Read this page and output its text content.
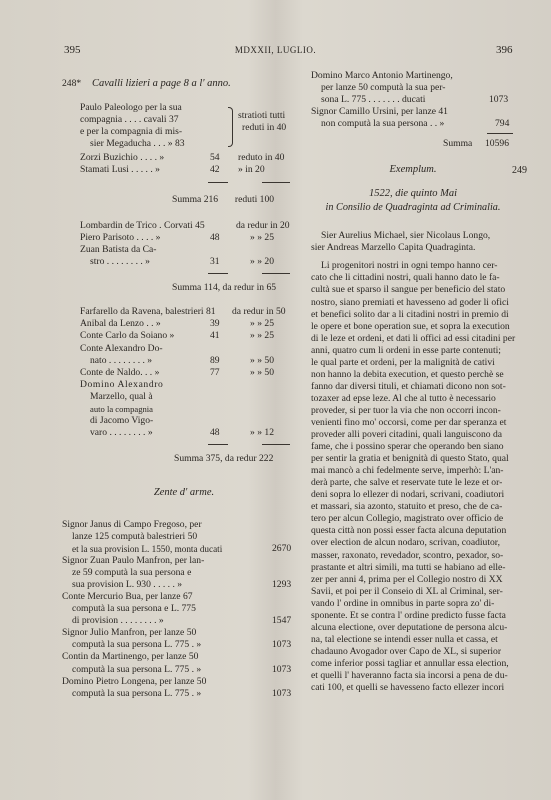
395	MDXXII, LUGLIO.	396
248* Cavalli lizieri a page 8 a l' anno.
Paulo Paleologo per la sua
compagnia . . . . cavali 37
e per la compagnia di mis-
sier Megaducha . . . » 83
stratioti tutti
reduti in 40
Zorzi Buzichio . . . . »	54 reduto in 40
Stamati Lusi . . . . . »	42 » in 20
Summa 216       reduti 100
Lombardin de Trico . Corvati 45	da redur in 20
Piero Parisoto . . . . »	48	» » 25
Zuan Batista da Ca-
stro . . . . . . . . »	31	» » 20
Summa 114, da redur in 65
Farfarello da Ravena, balestrieri 81 da redur in 50
Anibal da Lenzo . . »	39	» » 25
Conte Carlo da Soiano »	41	» » 25
Conte Alexandro Do-
nato . . . . . . . . »	89	» » 50
Conte de Naldo. . . »	77	» » 50
Domino Alexandro
Marzello, qual à
auto la compagnia
di Jacomo Vigo-
varo . . . . . . . . »	48	» » 12
Summa 375, da redur 222
Zente d' arme.
Signor Janus di Campo Fregoso, per
lanze 125 computà balestrieri 50
et la sua provision L. 1550, monta ducati	2670
Signor Zuan Paulo Manfron, per lan-
ze 59 computà la sua persona e
sua provision L. 930 . . . . . »	1293
Conte Mercurio Bua, per lanze 67
computà la sua persona e L. 775
di provision . . . . . . . . »	1547
Signor Julio Manfron, per lanze 50
computà la sua persona L. 775 . »	1073
Contin da Martinengo, per lanze 50
computà la sua persona L. 775 . »	1073
Domino Pietro Longena, per lanze 50
computà la sua persona L. 775 . »	1073
Domino Marco Antonio Martinengo,
per lanze 50 computà la sua per-
sona L. 775 . . . . . . . ducati	1073
Signor Camillo Ursini, per lanze 41
non computà la sua persona . . »	794
Summa 10596
Exemplum.
1522, die quinto Mai
in Consilio de Quadraginta ad Criminalia.
Sier Aurelius Michael, sier Nicolaus Longo,
sier Andreas Marzello Capita Quadraginta.
Li progenitori nostri in ogni tempo hanno cer-
cato che li cittadini nostri, quali hanno dato le fa-
cultà sue et sparso il sangue per beneficio del stato
nostro, siano premiati et havesseno ad goder li ofici
et benefici solito dar a li citadini nostri in premio di
le opere et bone operation sue, et sopra la execution
di le leze et ordeni, et dati li offici ad essi citadini per
anni, quatro cum li ordeni in esse parte contenuti;
le qual parte et ordeni, per la malignità de cativi
non hanno la debita execution, et questo perchè se
fanno dar diversi tituli, et chiamati dicono non sot-
tozaxer ad epse leze. Al che al tutto è necessario
proveder, si per tuor la via che non occorri incon-
venienti fino mo' occorsi, come per dar speranza et
proveder alli poveri citadini, quali languiscono da
fame, che i possino sperar che operando ben siano
per sentir la gratia et benignità di questo Stato, qual
mai mancò a chi fedelmente serve, imperhò: L'an-
derà parte, che salve et reservate tute le leze et or-
deni sopra lo ellezer di nodari, scrivani, coadiutori
et massari, sia azonto, statuito et preso, che de ca-
tero per alcun Collegio, magistrato over officio de
questa città non possi esser facta alcuna deputation
over election de alcun nodaro, scrivan, coadiutor,
masser, raxonato, revedador, scontro, pexador, so-
prastante et altri simili, ma tutti se habiano ad elle-
zer per anni 4, prima per el Collegio nostro di XX
Savii, et poi per il Conseio di XL al Criminal, ser-
vando l' ordine in omnibus in parte sopra zo' di-
sponente. Et se contra l' ordine predicto fusse facta
alcuna electione, over deputatione de persona alcu-
na, tal electione se intendi esser nulla et cassa, et
chadauno Avogador over Capo de XL, si superior
come inferior possi tagliar et annullar essa election,
et quelli l' haveranno facta sia incorsi a pena de du-
cati 100, et quelli se havesseno facto ellezer incori
249
